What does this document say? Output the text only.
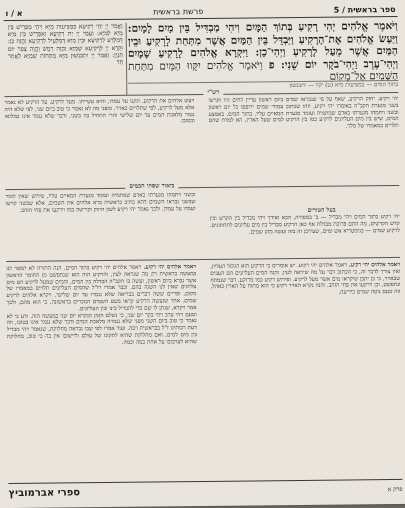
ספר בראשית / 5
פרשת בראשית
א / ו
וַיֹּאמֶר אֱלֹהִים יְהִי רָקִיעַ בְּתוֹךְ הַמָּיִם וִיהִי מַבְדִּיל בֵּין מַיִם לָמָיִם: וַיַּעַשׂ אֱלֹהִים אֶת־הָרָקִיעַ וַיַּבְדֵּל בֵּין הַמַּיִם אֲשֶׁר מִתַּחַת לָרָקִיעַ וּבֵין הַמַּיִם אֲשֶׁר מֵעַל לָרָקִיעַ וַיְהִי־כֵן: וַיִּקְרָא אֱלֹהִים לָרָקִיעַ שָׁמָיִם וַיְהִי־עֶרֶב וַיְהִי־בֹקֶר יוֹם שֵׁנִי: פ וַיֹּאמֶר אֱלֹהִים יִקָּווּ הַמַּיִם מִתַּחַת הַשָּׁמַיִם אֶל־מָקוֹם
בתוך המים — במציעות מיא (ט) יקוו — יתכנשון
וַאֲמַר יְיָ יְהֵי רְקִיעָא בִּמְצִיעוּת מַיָּא וִיהֵי מַפְרֵישׁ בֵּין מַיָּא לְמַיָּא: וַעֲבַד יְיָ יָת רְקִיעָא וְאַפְרֵישׁ בֵּין מַיָּא דְּמִלְּרַע לִרְקִיעָא וּבֵין מַיָּא דְּמִלְּעֵיל לִרְקִיעָא וַהֲוָה כֵן: וּקְרָא יְיָ לִרְקִיעָא שְׁמַיָּא וַהֲוָה רְמַשׁ וַהֲוָה צְפַר יוֹם תִּנְיָן: וַאֲמַר יְיָ יִתְכַּנְשׁוּן מַיָּא מִתְּחוֹת שְׁמַיָּא לַאֲתַר חַד
רש"י
יהי רקיע. יחזק הרקיע, שאף על פי שנבראו שמים ביום ראשון עדיין לחים היו וקרשו בשני מגערת הקב"ה באומרו יהי רקיע, וזהו שכתוב עמודי שמים ירופפו כל יום ראשון ובשני ויתמהו מגערתו כאדם שמתמיה ועומד מגערת המאיים עליו. בתוך המים. באמצע המים, שיש בין מים העליונים לרקיע כמו בין הרקיע למים שעל הארץ, הא למדת שהם תלויים במאמרו של מלך.
ויעש אלהים את הרקיע. תקנו על עמדו, והיא עשייתו. מעל לרקיע. על הרקיע לא נאמר אלא מעל לרקיע, לפי שתלויים באויר. ומפני מה לא נאמר כי טוב ביום שני, לפי שלא היה נגמר מלאכת המים עד יום שלישי והרי התחיל בה בשני, ודבר שלא נגמר אינו במלואו ובטובו.
ביאור שפתי חכמים
ובשני ויתמהו מגערתו כאדם שמתמיה ועומד מגערת המאיים עליו, פירוש שאין לומר שבשני נבראו השמים דהא כתיב בראשית ברא אלהים את השמים, אלא שבשני קרשו ועמדו על עמדן. ולכך נאמר יהי רקיע לשון חיזוק וקרישה כמו וירקעו את פחי הזהב.	בעל הטורים
יהי רקיע בתוך המים ויהי מבדיל — ב' במסורה, הכא ואידך ויהי מבדיל בין הקדש ובין קדש הקדשים, מה התם פרוכת מבדלת אף כאן הרקיע מבדיל בין מים עליונים לתחתונים. לרקיע שמים — בגימטריא אש ומים, שעירבן זה בזה ועשה מהן שמים.
ויאמר אלהים יהי רקיע. ויאמר אלהים יהי רקיע. יש אומרים כי הרקיע הוא הגלגל העליון, ואין צורך לדבר זה, כי הכתוב דבר על מה שיראה לעין. והנה המים העליונים הם העבים שבאויר, כי כן יתכן שיקראו מים אשר מעל לרקיע. ופירוש רקיע כמו מרוקע, דבר שנמתח ונתפשט, וכן וירקעו את פחי הזהב. והנה נקרא האויר רקיע כי הוא מתוח על הארץ כאהל, וזה טעם נוטה שמים כיריעה.
ויאמר אלהים יהי רקיע. ויאמר אלהים יהי רקיע בתוך המים. הנה התורה לא תספר לנו במעשה בראשית רק מה שנראה לעין, והרקיע הזה הוא שנתפשט מן החומר הראשון אשר נברא ביום ראשון, ועשה בו הקב"ה הבדלה בין המים, והמים שמעל לרקיע הם מים עליונים שאין לנו השגה בהם. וכבר אמרו רז"ל שהמים העליונים תלויים במאמרו של מקום, ופריים ששה דברים בבריאה שלא נגמרו עד יום שלישי. ויקרא אלהים לרקיע שמים. אחר שנעשה הרקיע קראו בשם השמים הנזכרים בראשונה, כי הוא מהם, ולכך אמר ויקרא, שנתן לו שם כדי להבדיל בינו ובין העליונים.
וטעם ויהי ערב ויהי בקר יום שני, כי נשלם הזמן הנקרא יום שני במעשה הזה. ודע כי לא נאמר כי טוב ביום השני מפני שלא נגמרה מלאכת המים ודבר שלא נגמר אינו בטובו, וזה דעת רבותינו ז"ל בבראשית רבה. ועוד אמרו לפי שבו נבראה מחלוקת, שנאמר ויהי מבדיל בין מים למים, ואם מחלוקת שהיא לתקונו של עולם וליישובו אין בה כי טוב, מחלוקת שהיא לערבובו על אחת כמה וכמה.
פרק א
ספרי אברמוביץ
